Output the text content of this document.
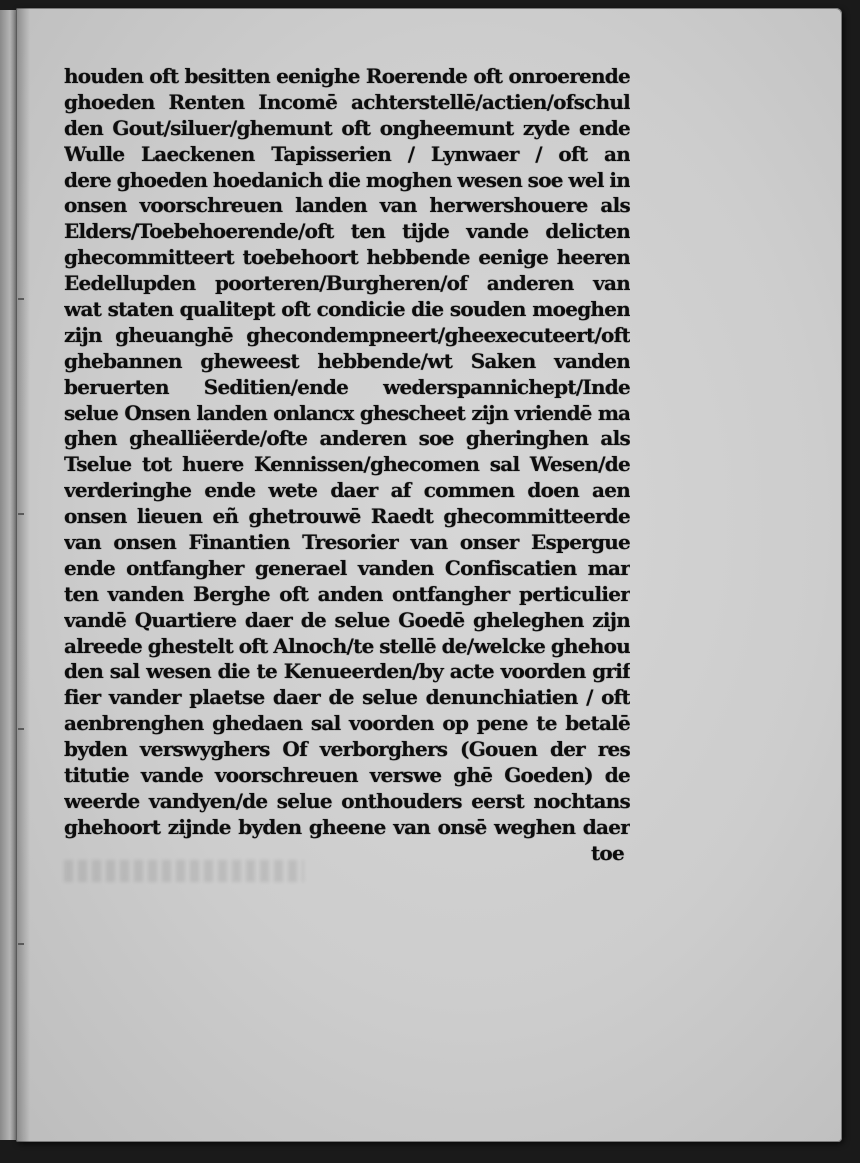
houden oft besitten eenighe Roerende oft onroerende
ghoeden Renten Incomē achterstellē/actien/ofschul
den Gout/siluer/ghemunt oft ongheemunt zyde ende
Wulle Laeckenen Tapisserien / Lynwaer / oft an
dere ghoeden hoedanich die moghen wesen soe wel in
onsen voorschreuen landen van herwershouere als
Elders/Toebehoerende/oft ten tijde vande delicten
ghecommitteert toebehoort hebbende eenige heeren
Eedellupden poorteren/Burgheren/of anderen van
wat staten qualitept oft condicie die souden moeghen
zijn gheuanghē ghecondempneert/gheexecuteert/oft
ghebannen gheweest hebbende/wt Saken vanden
beruerten Seditien/ende wederspannichept/Inde
selue Onsen landen onlancx ghescheet zijn vriendē ma
ghen ghealliëerde/ofte anderen soe gheringhen als
Tselue tot huere Kennissen/ghecomen sal Wesen/de
verderinghe ende wete daer af commen doen aen
onsen lieuen eñ ghetrouwē Raedt ghecommitteerde
van onsen Finantien Tresorier van onser Espergue
ende ontfangher generael vanden Confiscatien mar
ten vanden Berghe oft anden ontfangher perticulier
vandē Quartiere daer de selue Goedē gheleghen zijn
alreede ghestelt oft Alnoch/te stellē de/welcke ghehou
den sal wesen die te Kenueerden/by acte voorden grif
fier vander plaetse daer de selue denunchiatien / oft
aenbrenghen ghedaen sal voorden op pene te betalē
byden verswyghers Of verborghers (Gouen der res
titutie vande voorschreuen verswe ghē Goeden) de
weerde vandyen/de selue onthouders eerst nochtans
ghehoort zijnde byden gheene van onsē weghen daer
toe
